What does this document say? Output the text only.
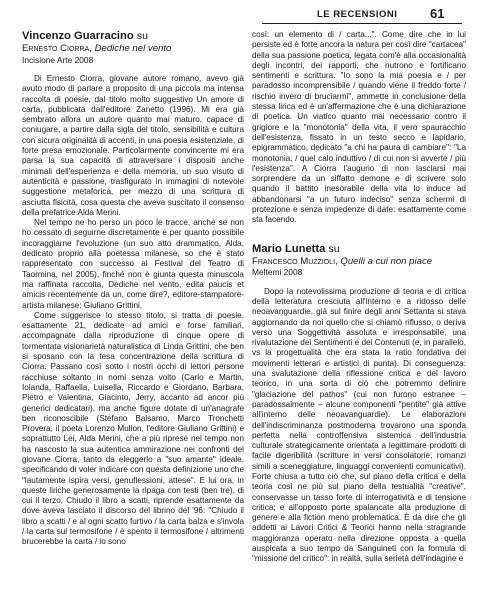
LE RECENSIONI	61
Vincenzo Guarracino su
Ernesto Ciorra, Dediche nel vento
Incisione Arte 2008

Di Ernesto Ciorra, giovane autore romano, avevo già avuto modo di parlare a proposito di una piccola ma intensa raccolta di poesie, dal titolo molto suggestivo Un amore di carta, pubblicata dall'editore Zanetto (1996). Mi era già sembrato allora un autore quanto mai maturo, capace di coniugare, a partire dalla sigla del titolo, sensibilità e cultura con sicura originalità di accenti, in una poesia esistenziale, di forte presa emozionale. Particolarmente convincente mi era parsa la sua capacità di attraversare i dispositi anche minimali dell'esperienza e della memoria, un suo visuto di autenticità e passione, trasfigurato in immagini di notevole suggestione metaforica, per mezzo di una scrittura di asciutta fisicità, cosa questa che aveva suscitato il consenso della prefatrice Alda Merini.

Nel tempo ne ho perso un poco le tracce, anche se non ho cessato di seguirne discretamente e per quanto possibile incoraggiarne l'evoluzione (un suo atto drammatico, Alda, dedicato proprio alla poetessa milanese, so che è stato rappresentato con successo al Festival del Teatro di Taormina, nel 2005), finché non è giunta questa minuscola ma raffinata raccolta, Dediche nel vento, edita paucis et amicis recentemente da un, come dire?, editore-stampatore-artista milanese: Giuliano Grittini.

Come suggerisce lo stesso titolo, si tratta di poesie, esattamente 21, dedicate ad amici e forse familiari, accompagnate dalla riproduzione di cinque opere di tormentata visionarietà naturalistica di Linda Grittini, che ben si sposano con la tesa concentrazione della scrittura di Ciorra. Passano così sotto i nostri occhi di lettori persone racchiuse soltanto in nomi senza volto (Carlo e Martin, Iolanda, Raffaella, Luisella, Riccardo e Giordano, Barbara, Pietro e Valentina, Giacinto, Jerry, accanto ad ancor più generici dedicatari), ma anche figure dotate di un'anagrafe ben riconoscibile (Stefano Balsamo, Marco Tronchetti Provera, il poeta Lorenzo Mullon, l'editore Giuliano Grittini) e soprattutto Lei, Alda Merini, che a più riprese nel tempo non ha nascosto la sua autentica ammirazione nei confronti del giovane Ciorra, tanto da eleggerlo a "suo amante" ideale, specificando di voler indicare con questa definizione uno che "lautamente ispira versi, genuflessioni, attese". E lui ora, in queste liriche generosamente la ripaga con testi (ben tre), di cui il terzo, Chiudo il libro a scatti, riprende esattamente da dove aveva lasciato il discorso del librino del '96: "Chiudo il libro a scatti / e al ogni scatto furtivo / la carta balza e s'invola / la carta sul termosifone / è spento il termosifone / altrimenti brucerebbe la carta / io sono

così: un elemento di / carta...". Come dire che in lui persiste ed è forte ancora la natura per così dire "cartacea" della sua passione poetica, legata com'è alla occasionalità degli incontri, dei rapporti, che nutrono e fortificano sentimenti e scrittura. "Io sono la mia poesia e / per paradosso incomprensibile / quando viene il freddo forte / rischio invero di bruciarmi", ammette in conclusione della stessa lirica ed è un'affermazione che è una dichiarazione di poetica. Un viatico quanto mai necessario contro il grigiore e la "monotonia" della vita, il vero spauracchio dell'esistenza, fissato in un testo secco e lapidario, epigrammatico, dedicato "a chi ha paura di cambiare": "La monotonia, / quel calo induttivo / di cui non si avverte / più l'esistenza". A Ciorra l'augurio di non lasciarsi mai sorprendere da un siffatto demone e di scrivere solo quando il battito inesorabile della vita lo induce ad abbandonarsi "a un futuro indeciso" senza schermi di protezione e senza impedenze di date: esattamente come sta facendo.

Mario Lunetta su
Francesco Muzzioli, Quelli a cui non piace
Meltemi 2008

Dopo la notevolissima produzione di teoria e di critica della letteratura cresciuta all'interno e a ridosso delle neoavanguardie, già sul finire degli anni Settanta si stava aggiornando da noi quello che si chiamò riflusso, o deriva verso una Soggettività assoluta e irresponsabile, una rivalutazione dei Sentimenti e dei Contenuti (e, in parallelo, vs la progettualità che era stata la ratio fondativa dei movimenti letterari e artistici di punta). Di conseguenza: una svalutazione della riflessione critica e del lavoro teorico, in una sorta di ciò che potremmo definire "glaciazione del pathos" (cui non furono estranee – paradossalmente – alcune componenti "pentite" già attive all'interno delle neoavanguardie). Le elaborazioni dell'indiscriminanza postmoderna trovarono una sponda perfetta nella controffensiva sistemica dell'industria culturale strategicamente orientata a legittimare prodotti di facile digeribilità (scritture in versi consolatorie, romanzi simili a sceneggiature, linguaggi convenienti comunicativi). Forte chiusa a tutto ciò che, sul piano della critica e della teoria così ne più sul piano della testualità "creative", conservasse un tasso forte di interrogatività e di tensione critica; e all'opposto porte spalancate alla produzione di genere e alla fiction meno problematica. È da dire che gli addetti ai Lavori Critici & Teorici hanno nella stragrande maggioranza operato nella direzione opposta a quella auspicata a suo tempo da Sanguineti con la formula di "missione del critico": in realtà, sulla serietà dell'indagine e
